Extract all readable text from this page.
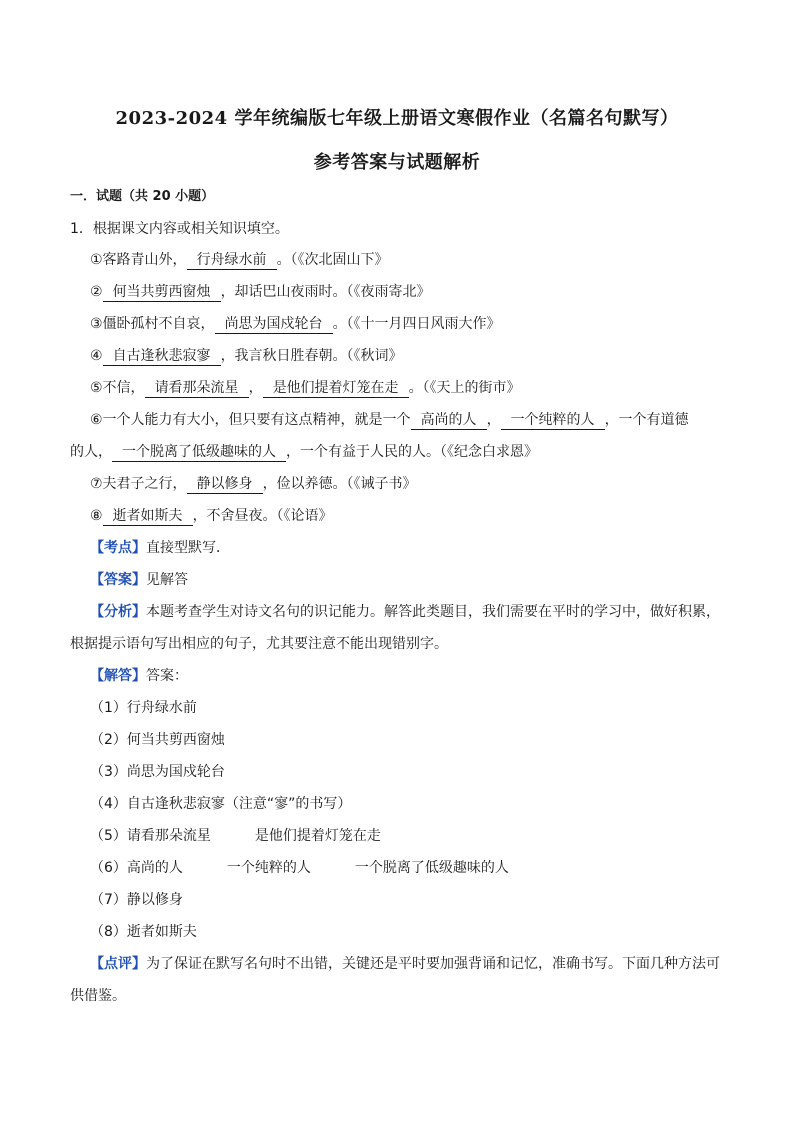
2023-2024 学年统编版七年级上册语文寒假作业（名篇名句默写）
参考答案与试题解析
一．试题（共 20 小题）
1．根据课文内容或相关知识填空。
①客路青山外， 行舟绿水前 。（《次北固山下》
② 何当共剪西窗烛 ，却话巴山夜雨时。（《夜雨寄北》
③僵卧孤村不自哀， 尚思为国戍轮台 。（《十一月四日风雨大作》
④ 自古逢秋悲寂寥 ，我言秋日胜春朝。（《秋词》
⑤不信， 请看那朵流星 ， 是他们提着灯笼在走 。（《天上的街市》
⑥一个人能力有大小，但只要有这点精神，就是一个 高尚的人 ， 一个纯粹的人 ，一个有道德
的人， 一个脱离了低级趣味的人 ，一个有益于人民的人。（《纪念白求恩》
⑦夫君子之行， 静以修身 ，俭以养德。（《诫子书》
⑧ 逝者如斯夫 ，不舍昼夜。（《论语》
【考点】直接型默写．
【答案】见解答
【分析】本题考查学生对诗文名句的识记能力。解答此类题目，我们需要在平时的学习中，做好积累，
根据提示语句写出相应的句子，尤其要注意不能出现错别字。
【解答】答案：
（1）行舟绿水前
（2）何当共剪西窗烛
（3）尚思为国戍轮台
（4）自古逢秋悲寂寥（注意“寥”的书写）
（5）请看那朵流星	是他们提着灯笼在走
（6）高尚的人	一个纯粹的人	一个脱离了低级趣味的人
（7）静以修身
（8）逝者如斯夫
【点评】为了保证在默写名句时不出错，关键还是平时要加强背诵和记忆，准确书写。下面几种方法可
供借鉴。
